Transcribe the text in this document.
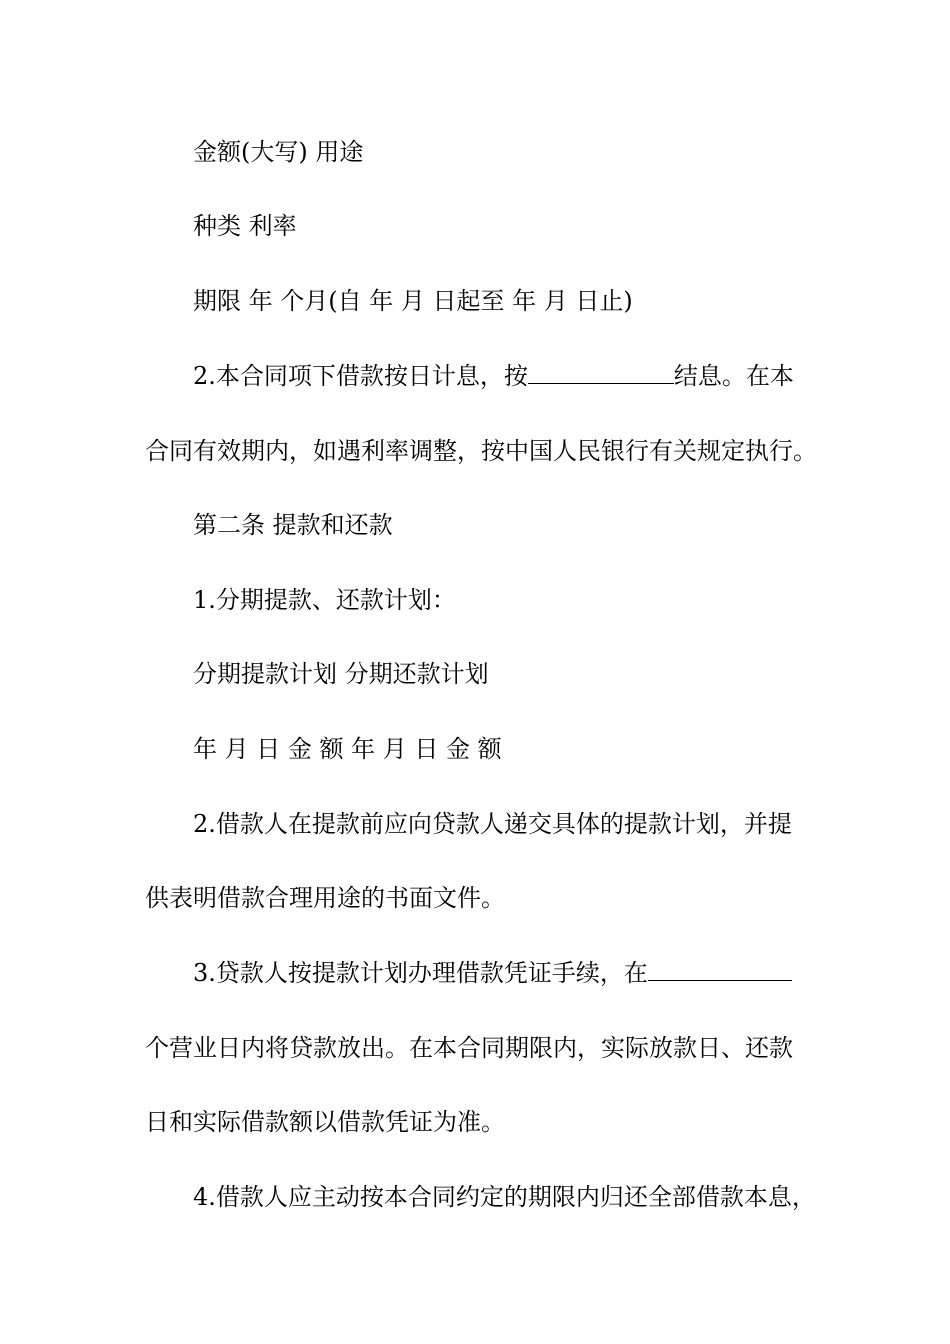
金额(大写) 用途
种类 利率
期限 年 个月(自 年 月 日起至 年 月 日止)
2.本合同项下借款按日计息，按	结息。在本
合同有效期内，如遇利率调整，按中国人民银行有关规定执行。
第二条 提款和还款
1.分期提款、还款计划：
分期提款计划 分期还款计划
年 月 日 金 额 年 月 日 金 额
2.借款人在提款前应向贷款人递交具体的提款计划，并提
供表明借款合理用途的书面文件。
3.贷款人按提款计划办理借款凭证手续，在
个营业日内将贷款放出。在本合同期限内，实际放款日、还款
日和实际借款额以借款凭证为准。
4.借款人应主动按本合同约定的期限内归还全部借款本息，
